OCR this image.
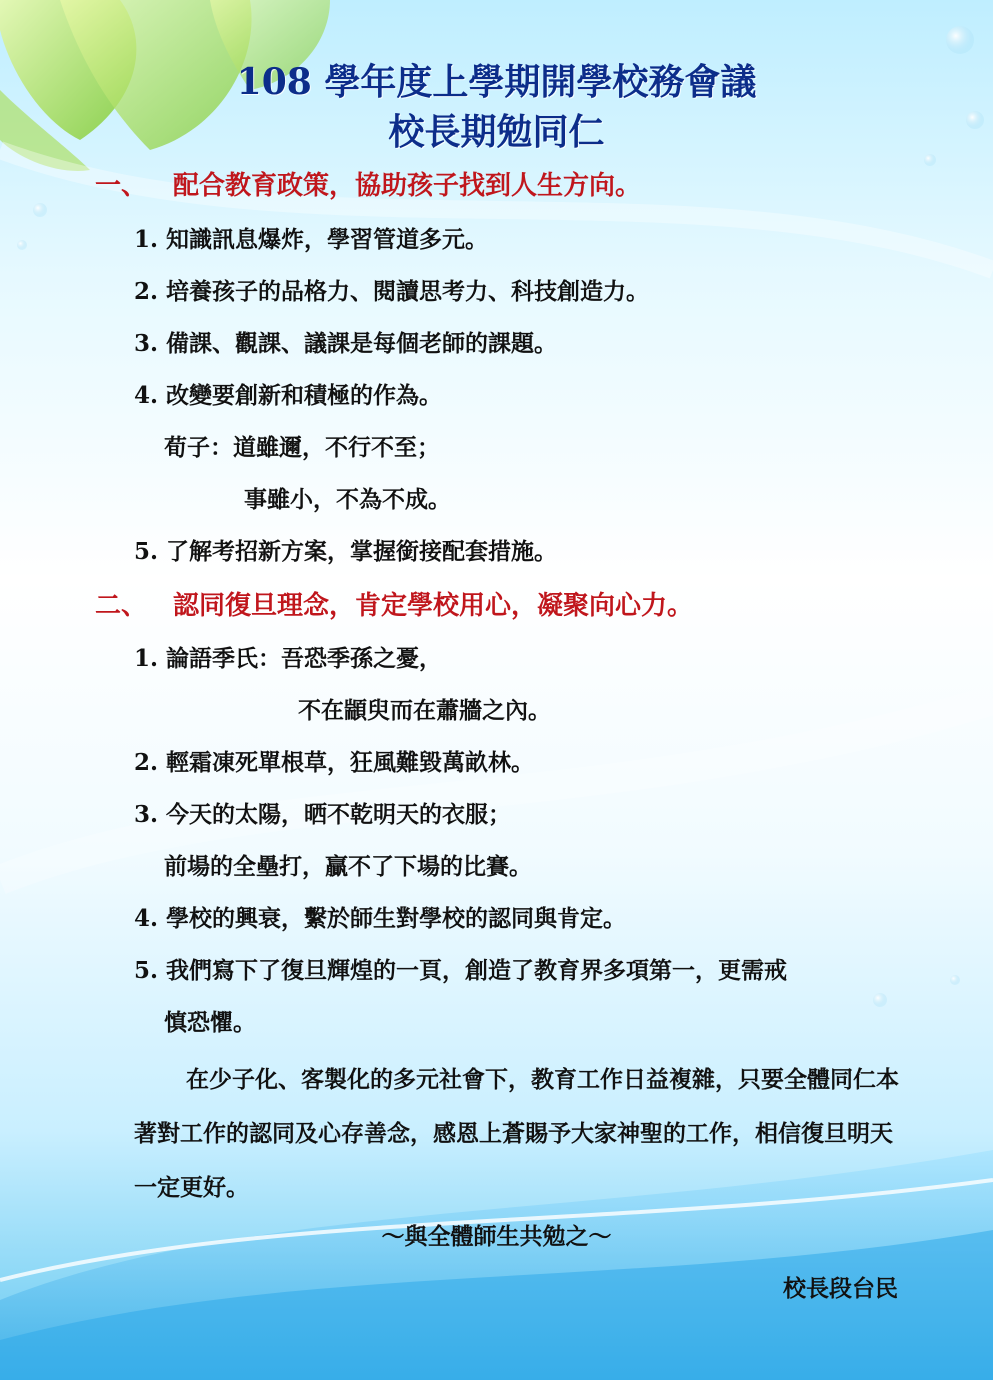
108 學年度上學期開學校務會議
校長期勉同仁
一、 配合教育政策，協助孩子找到人生方向。
1. 知識訊息爆炸，學習管道多元。
2. 培養孩子的品格力、閱讀思考力、科技創造力。
3. 備課、觀課、議課是每個老師的課題。
4. 改變要創新和積極的作為。
荀子：道雖邇，不行不至；
事雖小，不為不成。
5. 了解考招新方案，掌握銜接配套措施。
二、 認同復旦理念，肯定學校用心，凝聚向心力。
1. 論語季氏：吾恐季孫之憂，
不在顓臾而在蕭牆之內。
2. 輕霜凍死單根草，狂風難毀萬畝林。
3. 今天的太陽，晒不乾明天的衣服；
前場的全壘打，贏不了下場的比賽。
4. 學校的興衰，繫於師生對學校的認同與肯定。
5. 我們寫下了復旦輝煌的一頁，創造了教育界多項第一，更需戒
慎恐懼。
在少子化、客製化的多元社會下，教育工作日益複雜，只要全體同仁本著對工作的認同及心存善念，感恩上蒼賜予大家神聖的工作，相信復旦明天一定更好。
～與全體師生共勉之～
校長段台民
